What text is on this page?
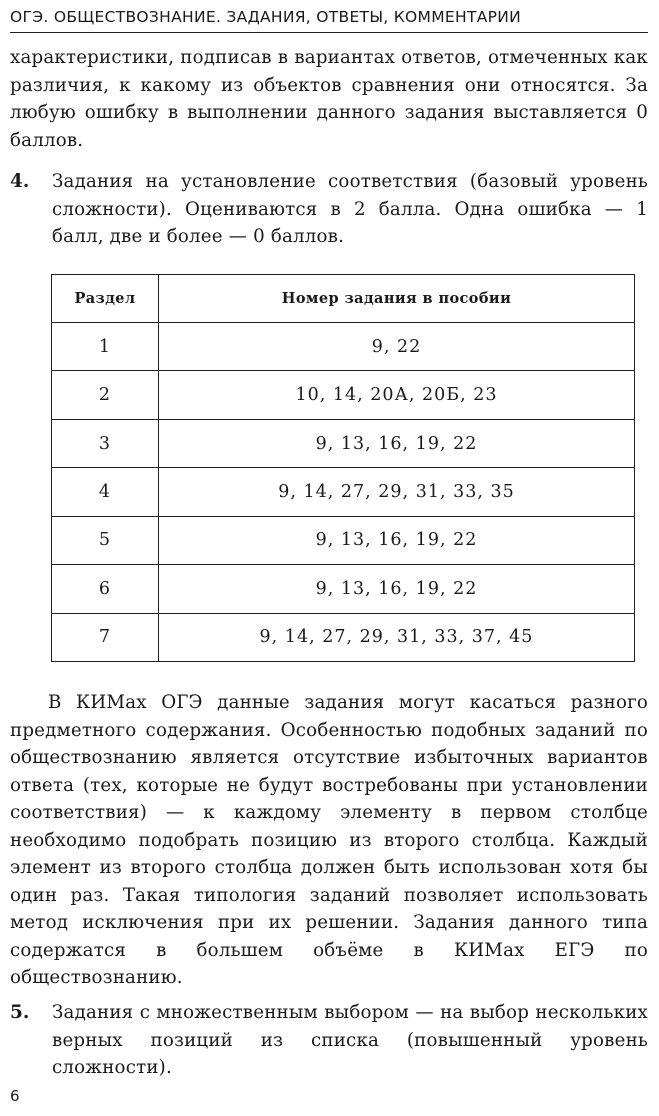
ОГЭ. ОБЩЕСТВОЗНАНИЕ. ЗАДАНИЯ, ОТВЕТЫ, КОММЕНТАРИИ

характеристики, подписав в вариантах ответов, отмеченных как различия, к какому из объектов сравнения они относятся. За любую ошибку в выполнении данного задания выставляется 0 баллов.

4. Задания на установление соответствия (базовый уровень сложности). Оцениваются в 2 балла. Одна ошибка — 1 балл, две и более — 0 баллов.

Раздел	Номер задания в пособии
1	9, 22
2	10, 14, 20А, 20Б, 23
3	9, 13, 16, 19, 22
4	9, 14, 27, 29, 31, 33, 35
5	9, 13, 16, 19, 22
6	9, 13, 16, 19, 22
7	9, 14, 27, 29, 31, 33, 37, 45

В КИМах ОГЭ данные задания могут касаться разного предметного содержания. Особенностью подобных заданий по обществознанию является отсутствие избыточных вариантов ответа (тех, которые не будут востребованы при установлении соответствия) — к каждому элементу в первом столбце необходимо подобрать позицию из второго столбца. Каждый элемент из второго столбца должен быть использован хотя бы один раз. Такая типология заданий позволяет использовать метод исключения при их решении. Задания данного типа содержатся в большем объёме в КИМах ЕГЭ по обществознанию.

5. Задания с множественным выбором — на выбор нескольких верных позиций из списка (повышенный уровень сложности).

6
